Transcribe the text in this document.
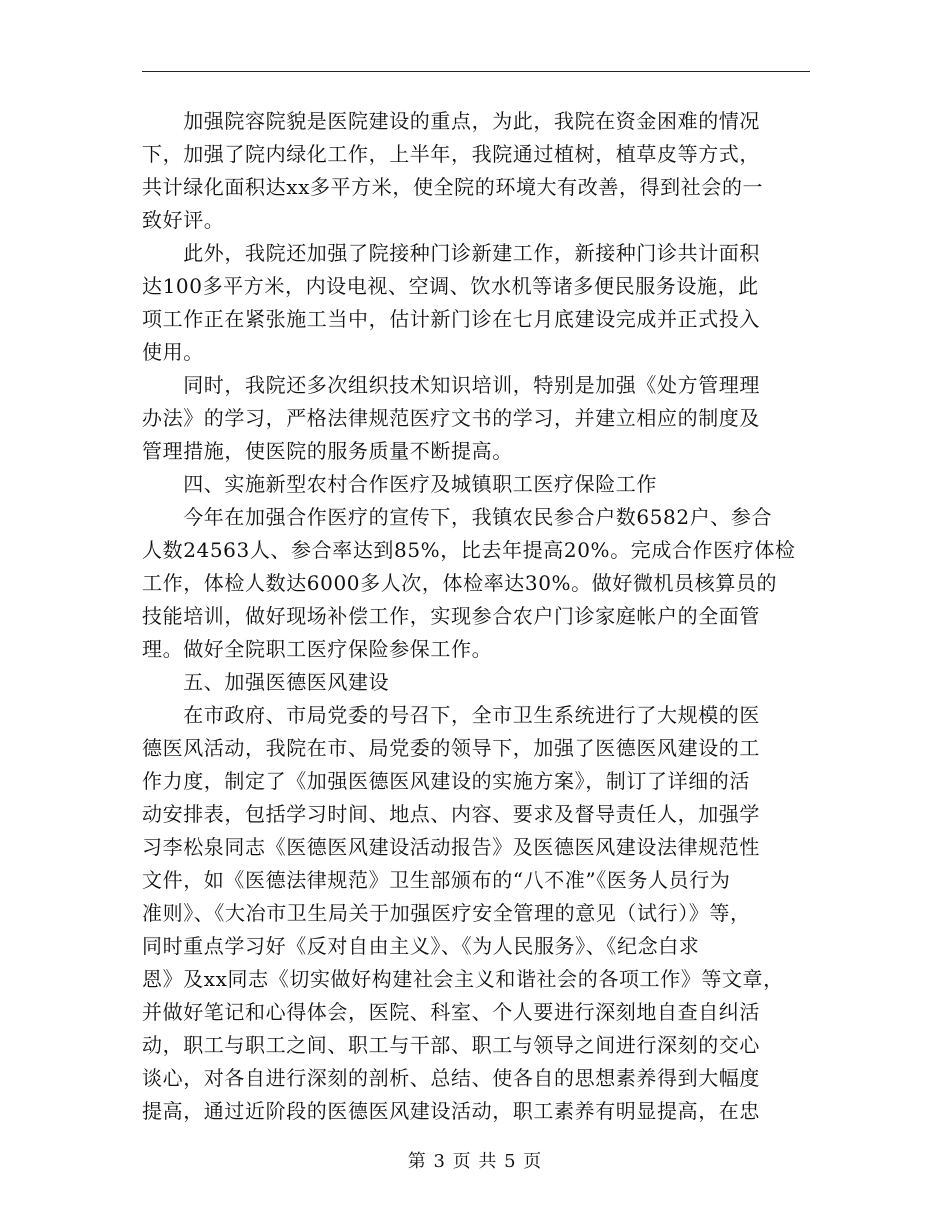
　　加强院容院貌是医院建设的重点，为此，我院在资金困难的情况
下，加强了院内绿化工作，上半年，我院通过植树，植草皮等方式，
共计绿化面积达xx多平方米，使全院的环境大有改善，得到社会的一
致好评。
　　此外，我院还加强了院接种门诊新建工作，新接种门诊共计面积
达100多平方米，内设电视、空调、饮水机等诸多便民服务设施，此
项工作正在紧张施工当中，估计新门诊在七月底建设完成并正式投入
使用。
　　同时，我院还多次组织技术知识培训，特别是加强《处方管理理
办法》的学习，严格法律规范医疗文书的学习，并建立相应的制度及
管理措施，使医院的服务质量不断提高。
　　四、实施新型农村合作医疗及城镇职工医疗保险工作
　　今年在加强合作医疗的宣传下，我镇农民参合户数6582户、参合
人数24563人、参合率达到85%，比去年提高20%。完成合作医疗体检
工作，体检人数达6000多人次，体检率达30%。做好微机员核算员的
技能培训，做好现场补偿工作，实现参合农户门诊家庭帐户的全面管
理。做好全院职工医疗保险参保工作。
　　五、加强医德医风建设
　　在市政府、市局党委的号召下，全市卫生系统进行了大规模的医
德医风活动，我院在市、局党委的领导下，加强了医德医风建设的工
作力度，制定了《加强医德医风建设的实施方案》，制订了详细的活
动安排表，包括学习时间、地点、内容、要求及督导责任人，加强学
习李松泉同志《医德医风建设活动报告》及医德医风建设法律规范性
文件，如《医德法律规范》卫生部颁布的“八不准”《医务人员行为
准则》、《大冶市卫生局关于加强医疗安全管理的意见（试行）》等，
同时重点学习好《反对自由主义》、《为人民服务》、《纪念白求
恩》及xx同志《切实做好构建社会主义和谐社会的各项工作》等文章，
并做好笔记和心得体会，医院、科室、个人要进行深刻地自查自纠活
动，职工与职工之间、职工与干部、职工与领导之间进行深刻的交心
谈心，对各自进行深刻的剖析、总结、使各自的思想素养得到大幅度
提高，通过近阶段的医德医风建设活动，职工素养有明显提高，在忠
第 3 页 共 5 页
